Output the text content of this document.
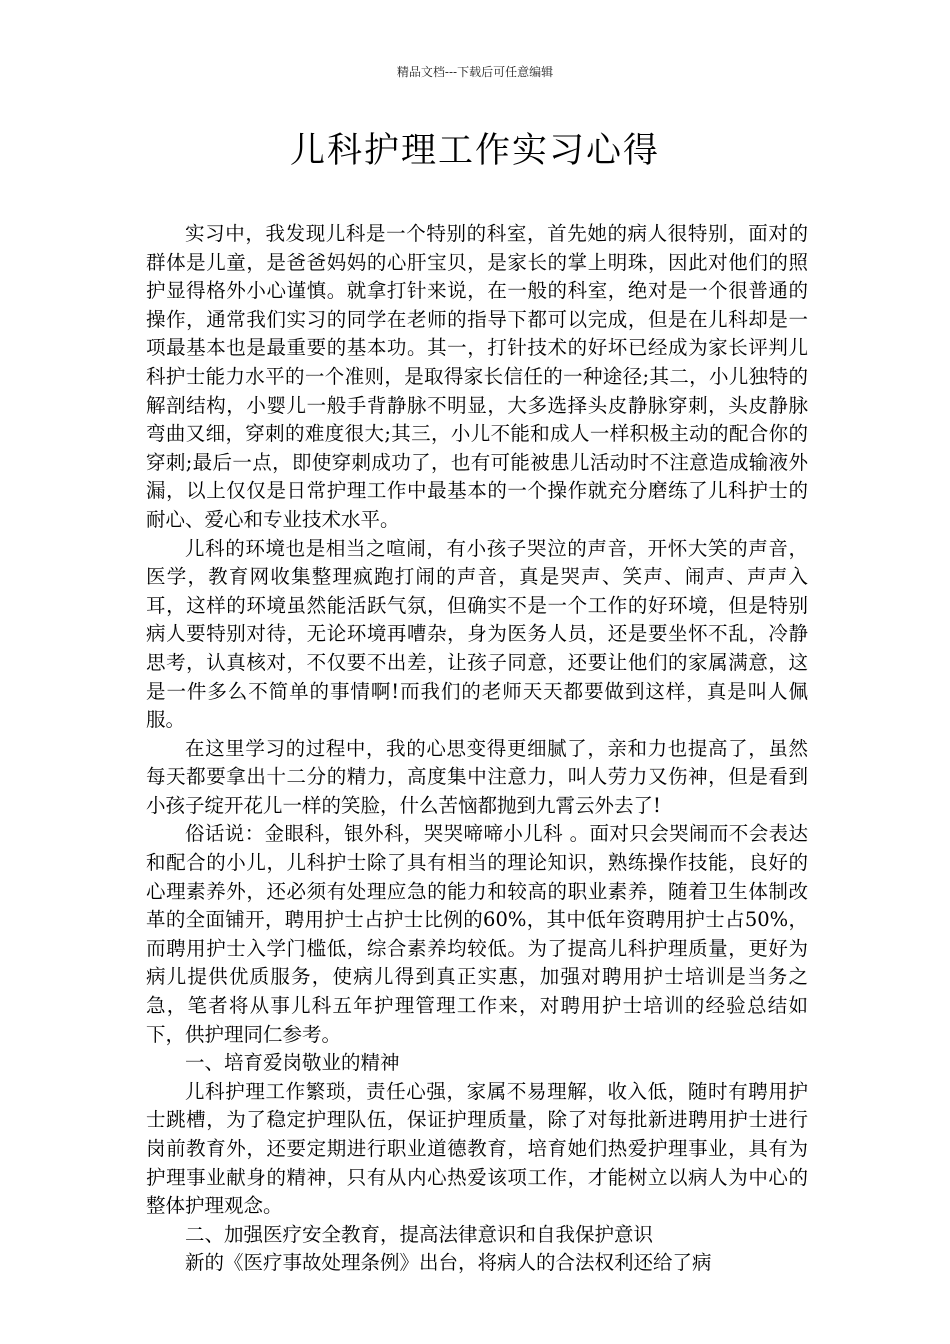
精品文档---下载后可任意编辑
儿科护理工作实习心得

实习中，我发现儿科是一个特别的科室，首先她的病人很特别，面对的群体是儿童，是爸爸妈妈的心肝宝贝，是家长的掌上明珠，因此对他们的照护显得格外小心谨慎。就拿打针来说，在一般的科室，绝对是一个很普通的操作，通常我们实习的同学在老师的指导下都可以完成，但是在儿科却是一项最基本也是最重要的基本功。其一，打针技术的好坏已经成为家长评判儿科护士能力水平的一个准则，是取得家长信任的一种途径;其二，小儿独特的解剖结构，小婴儿一般手背静脉不明显，大多选择头皮静脉穿刺，头皮静脉弯曲又细，穿刺的难度很大;其三，小儿不能和成人一样积极主动的配合你的穿刺;最后一点，即使穿刺成功了，也有可能被患儿活动时不注意造成输液外漏，以上仅仅是日常护理工作中最基本的一个操作就充分磨练了儿科护士的耐心、爱心和专业技术水平。

儿科的环境也是相当之喧闹，有小孩子哭泣的声音，开怀大笑的声音，医学，教育网收集整理疯跑打闹的声音，真是哭声、笑声、闹声、声声入耳，这样的环境虽然能活跃气氛，但确实不是一个工作的好环境，但是特别病人要特别对待，无论环境再嘈杂，身为医务人员，还是要坐怀不乱，冷静思考，认真核对，不仅要不出差，让孩子同意，还要让他们的家属满意，这是一件多么不简单的事情啊!而我们的老师天天都要做到这样，真是叫人佩服。

在这里学习的过程中，我的心思变得更细腻了，亲和力也提高了，虽然每天都要拿出十二分的精力，高度集中注意力，叫人劳力又伤神，但是看到小孩子绽开花儿一样的笑脸，什么苦恼都抛到九霄云外去了!

俗话说：金眼科，银外科，哭哭啼啼小儿科 。面对只会哭闹而不会表达和配合的小儿，儿科护士除了具有相当的理论知识，熟练操作技能，良好的心理素养外，还必须有处理应急的能力和较高的职业素养，随着卫生体制改革的全面铺开，聘用护士占护士比例的60%，其中低年资聘用护士占50%，而聘用护士入学门槛低，综合素养均较低。为了提高儿科护理质量，更好为病儿提供优质服务，使病儿得到真正实惠，加强对聘用护士培训是当务之急，笔者将从事儿科五年护理管理工作来，对聘用护士培训的经验总结如下，供护理同仁参考。

一、培育爱岗敬业的精神

儿科护理工作繁琐，责任心强，家属不易理解，收入低，随时有聘用护士跳槽，为了稳定护理队伍，保证护理质量，除了对每批新进聘用护士进行岗前教育外，还要定期进行职业道德教育，培育她们热爱护理事业，具有为护理事业献身的精神，只有从内心热爱该项工作，才能树立以病人为中心的整体护理观念。

二、加强医疗安全教育，提高法律意识和自我保护意识

新的《医疗事故处理条例》出台，将病人的合法权利还给了病
